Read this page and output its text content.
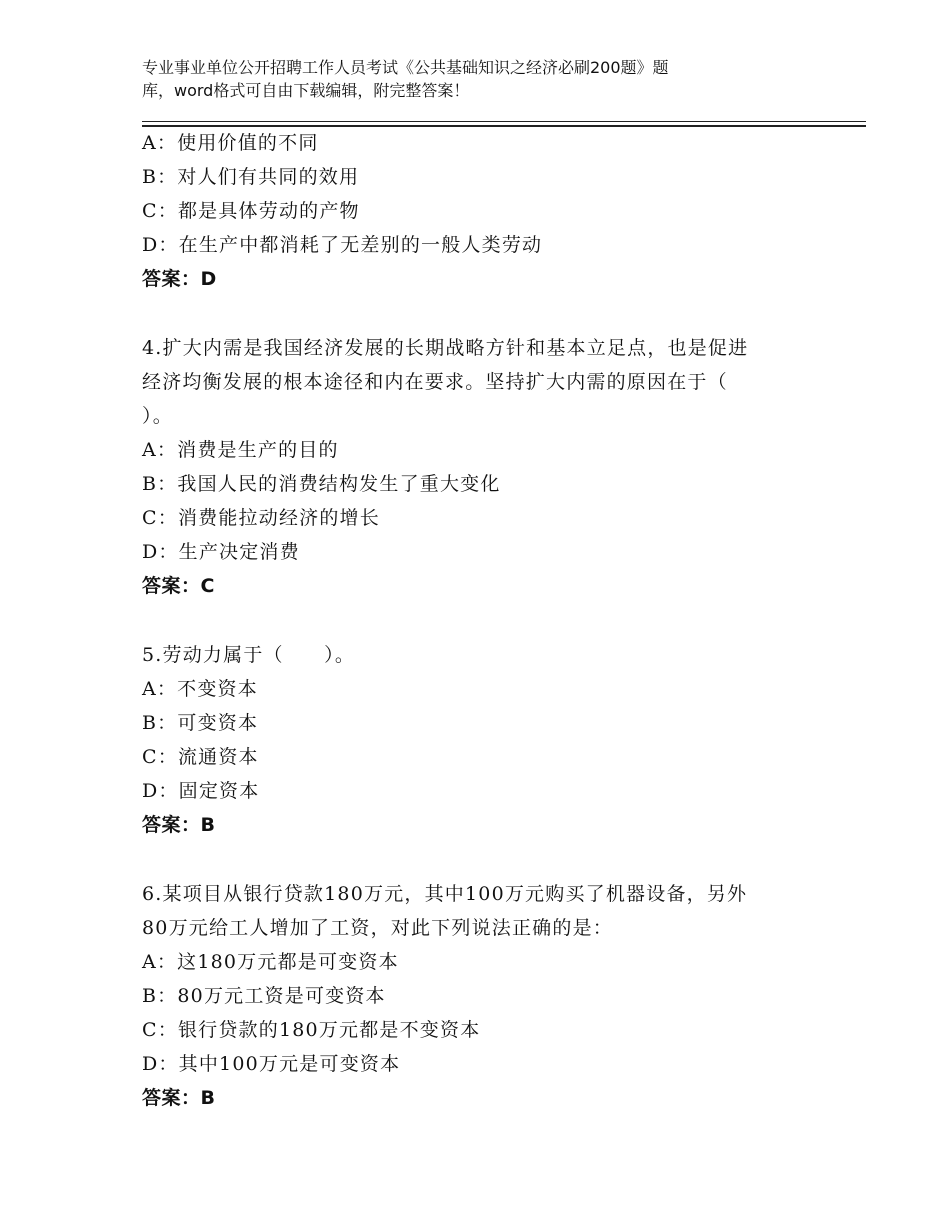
专业事业单位公开招聘工作人员考试《公共基础知识之经济必刷200题》题
库，word格式可自由下载编辑，附完整答案！
A：使用价值的不同
B：对人们有共同的效用
C：都是具体劳动的产物
D：在生产中都消耗了无差别的一般人类劳动
答案：D
4.扩大内需是我国经济发展的长期战略方针和基本立足点，也是促进
经济均衡发展的根本途径和内在要求。坚持扩大内需的原因在于（
）。
A：消费是生产的目的
B：我国人民的消费结构发生了重大变化
C：消费能拉动经济的增长
D：生产决定消费
答案：C
5.劳动力属于（　　）。
A：不变资本
B：可变资本
C：流通资本
D：固定资本
答案：B
6.某项目从银行贷款180万元，其中100万元购买了机器设备，另外
80万元给工人增加了工资，对此下列说法正确的是：
A：这180万元都是可变资本
B：80万元工资是可变资本
C：银行贷款的180万元都是不变资本
D：其中100万元是可变资本
答案：B
